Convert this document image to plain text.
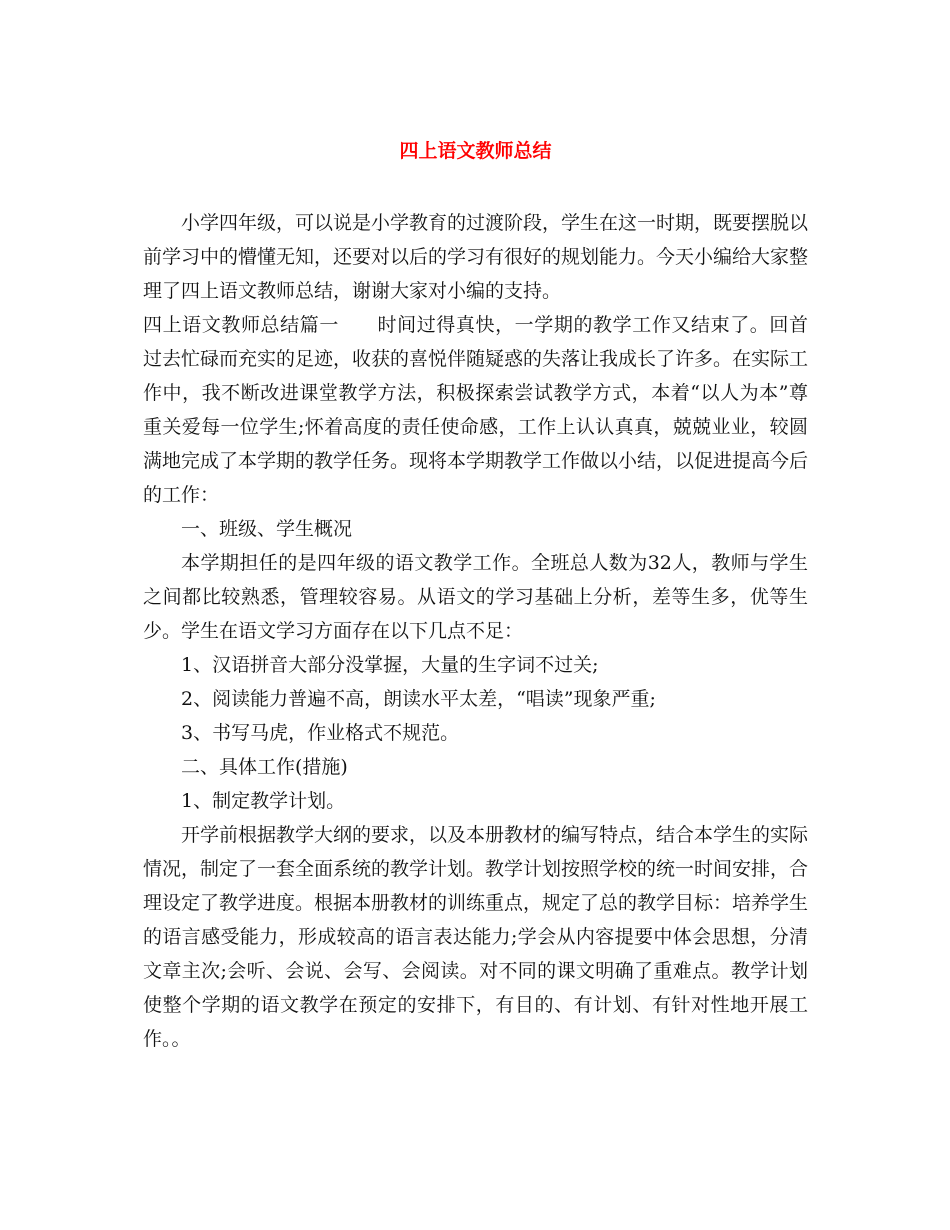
四上语文教师总结

小学四年级，可以说是小学教育的过渡阶段，学生在这一时期，既要摆脱以前学习中的懵懂无知，还要对以后的学习有很好的规划能力。今天小编给大家整理了四上语文教师总结，谢谢大家对小编的支持。

四上语文教师总结篇一 时间过得真快，一学期的教学工作又结束了。回首过去忙碌而充实的足迹，收获的喜悦伴随疑惑的失落让我成长了许多。在实际工作中，我不断改进课堂教学方法，积极探索尝试教学方式，本着“以人为本”尊重关爱每一位学生;怀着高度的责任使命感，工作上认认真真，兢兢业业，较圆满地完成了本学期的教学任务。现将本学期教学工作做以小结，以促进提高今后的工作：

一、班级、学生概况

本学期担任的是四年级的语文教学工作。全班总人数为32人，教师与学生之间都比较熟悉，管理较容易。从语文的学习基础上分析，差等生多，优等生少。学生在语文学习方面存在以下几点不足：

1、汉语拼音大部分没掌握，大量的生字词不过关;

2、阅读能力普遍不高，朗读水平太差，“唱读”现象严重;

3、书写马虎，作业格式不规范。

二、具体工作(措施)

1、制定教学计划。

开学前根据教学大纲的要求，以及本册教材的编写特点，结合本学生的实际情况，制定了一套全面系统的教学计划。教学计划按照学校的统一时间安排，合理设定了教学进度。根据本册教材的训练重点，规定了总的教学目标：培养学生的语言感受能力，形成较高的语言表达能力;学会从内容提要中体会思想，分清文章主次;会听、会说、会写、会阅读。对不同的课文明确了重难点。教学计划使整个学期的语文教学在预定的安排下，有目的、有计划、有针对性地开展工作。。
